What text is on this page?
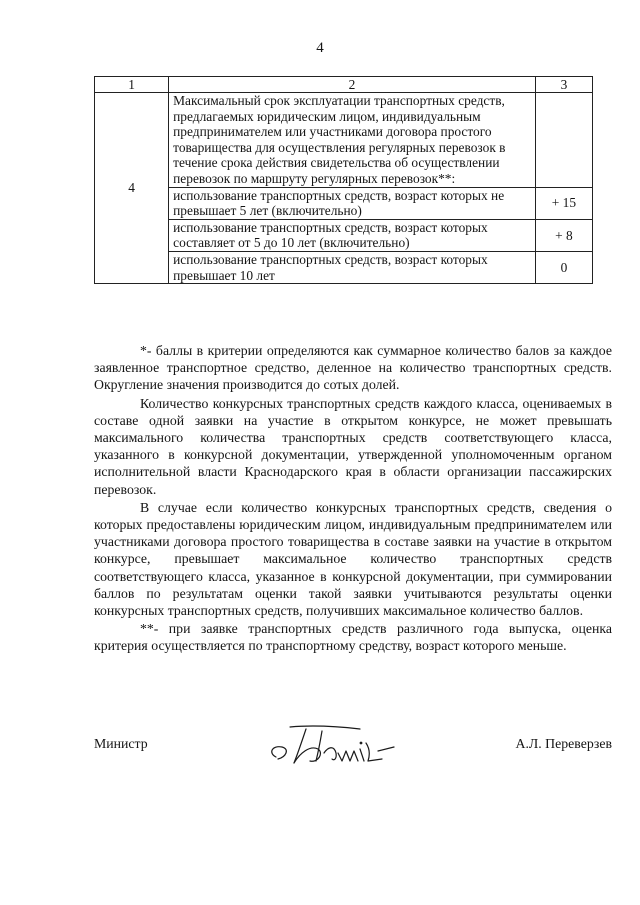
4
1	2	3
4	Максимальный срок эксплуатации транспортных средств, предлагаемых юридическим лицом, индивидуальным предпринимателем или участниками договора простого товарищества для осуществления регулярных перевозок в течение срока действия свидетельства об осуществлении перевозок по маршруту регулярных перевозок**:	
	использование транспортных средств, возраст которых не превышает 5 лет (включительно)	+ 15
	использование транспортных средств, возраст которых составляет от 5 до 10 лет (включительно)	+ 8
	использование транспортных средств, возраст которых превышает 10 лет	0

*- баллы в критерии определяются как суммарное количество балов за каждое заявленное транспортное средство, деленное на количество транспортных средств. Округление значения производится до сотых долей.

Количество конкурсных транспортных средств каждого класса, оцениваемых в составе одной заявки на участие в открытом конкурсе, не может превышать максимального количества транспортных средств соответствующего класса, указанного в конкурсной документации, утвержденной уполномоченным органом исполнительной власти Краснодарского края в области организации пассажирских перевозок.

В случае если количество конкурсных транспортных средств, сведения о которых предоставлены юридическим лицом, индивидуальным предпринимателем или участниками договора простого товарищества в составе заявки на участие в открытом конкурсе, превышает максимальное количество транспортных средств соответствующего класса, указанное в конкурсной документации, при суммировании баллов по результатам оценки такой заявки учитываются результаты оценки конкурсных транспортных средств, получивших максимальное количество баллов.

**- при заявке транспортных средств различного года выпуска, оценка критерия осуществляется по транспортному средству, возраст которого меньше.

Министр	А.Л. Переверзев
